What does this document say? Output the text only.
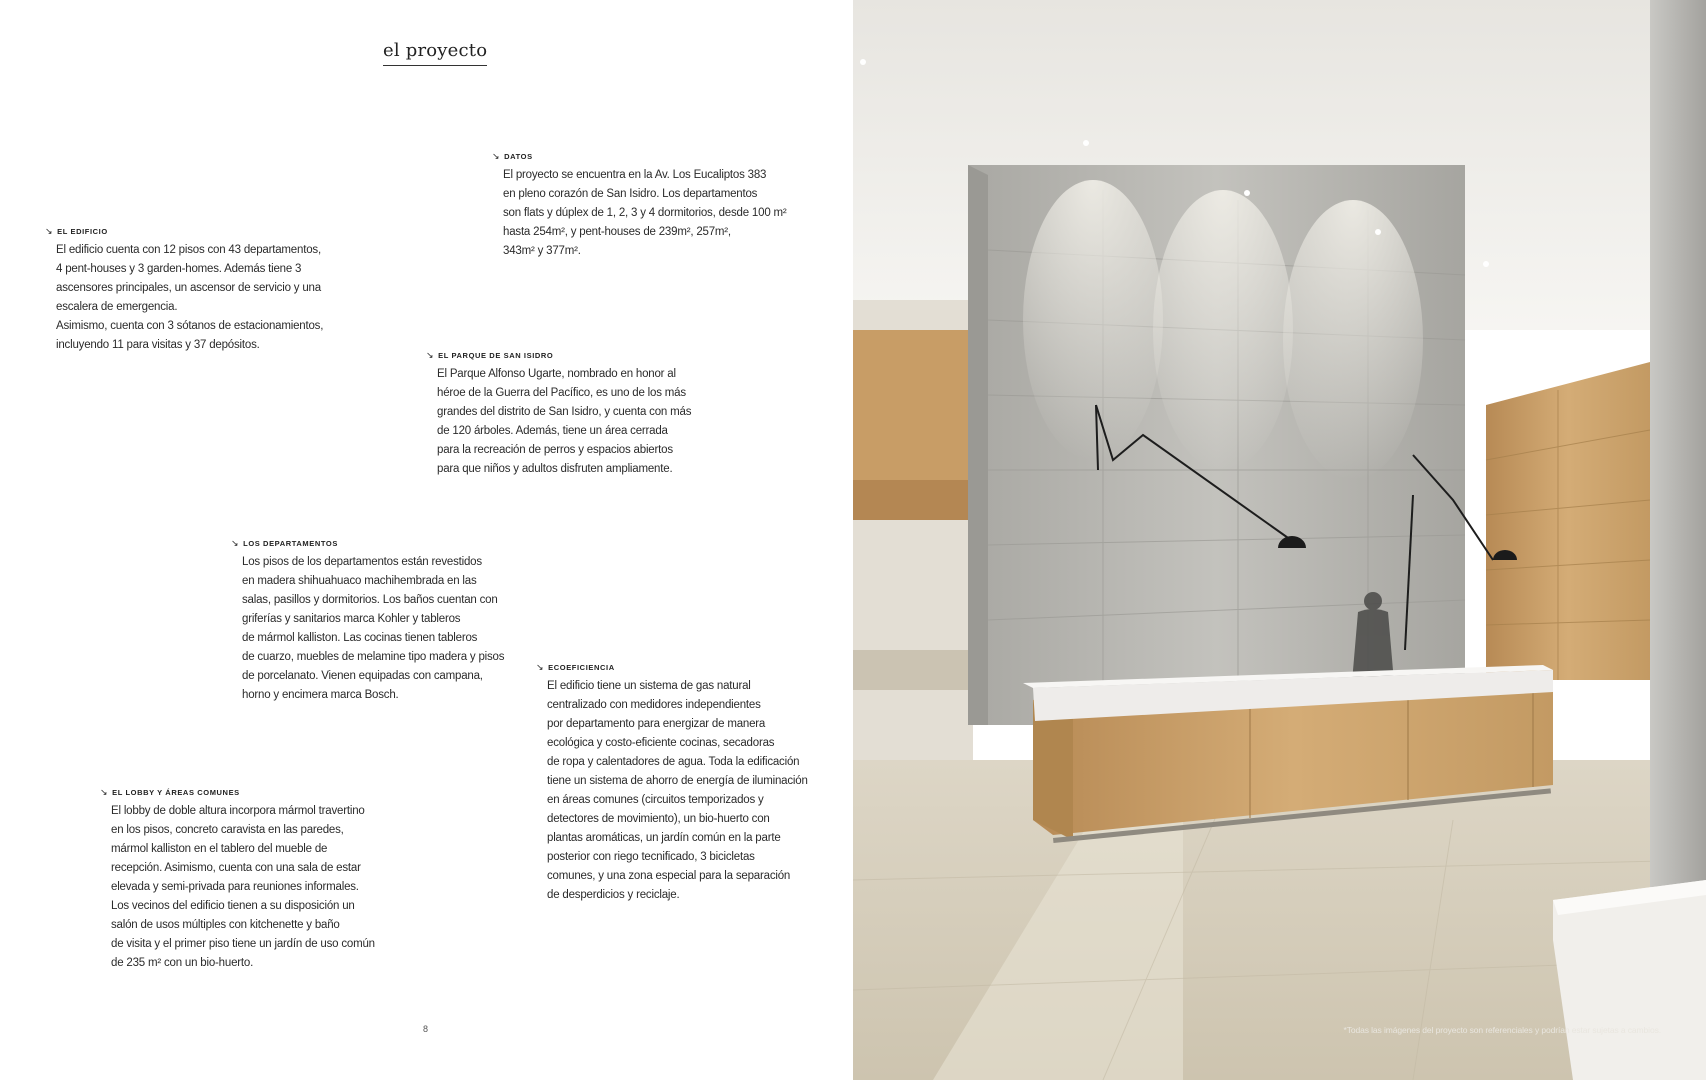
el proyecto
↘ DATOS
El proyecto se encuentra en la Av. Los Eucaliptos 383
en pleno corazón de San Isidro. Los departamentos
son flats y dúplex de 1, 2, 3 y 4 dormitorios, desde 100 m²
hasta 254m², y pent-houses de 239m², 257m²,
343m² y 377m².
↘ EL EDIFICIO
El edificio cuenta con 12 pisos con 43 departamentos,
4 pent-houses y 3 garden-homes. Además tiene 3
ascensores principales, un ascensor de servicio y una
escalera de emergencia.
Asimismo, cuenta con 3 sótanos de estacionamientos,
incluyendo 11 para visitas y 37 depósitos.
↘ EL PARQUE DE SAN ISIDRO
El Parque Alfonso Ugarte, nombrado en honor al
héroe de la Guerra del Pacífico, es uno de los más
grandes del distrito de San Isidro, y cuenta con más
de 120 árboles. Además, tiene un área cerrada
para la recreación de perros y espacios abiertos
para que niños y adultos disfruten ampliamente.
↘ LOS DEPARTAMENTOS
Los pisos de los departamentos están revestidos
en madera shihuahuaco machihembrada en las
salas, pasillos y dormitorios. Los baños cuentan con
griferías y sanitarios marca Kohler y tableros
de mármol kalliston. Las cocinas tienen tableros
de cuarzo, muebles de melamine tipo madera y pisos
de porcelanato. Vienen equipadas con campana,
horno y encimera marca Bosch.
↘ ECOEFICIENCIA
El edificio tiene un sistema de gas natural
centralizado con medidores independientes
por departamento para energizar de manera
ecológica y costo-eficiente cocinas, secadoras
de ropa y calentadores de agua. Toda la edificación
tiene un sistema de ahorro de energía de iluminación
en áreas comunes (circuitos temporizados y
detectores de movimiento), un bio-huerto con
plantas aromáticas, un jardín común en la parte
posterior con riego tecnificado, 3 bicicletas
comunes, y una zona especial para la separación
de desperdicios y reciclaje.
↘ EL LOBBY Y ÁREAS COMUNES
El lobby de doble altura incorpora mármol travertino
en los pisos, concreto caravista en las paredes,
mármol kalliston en el tablero del mueble de
recepción. Asimismo, cuenta con una sala de estar
elevada y semi-privada para reuniones informales.
Los vecinos del edificio tienen a su disposición un
salón de usos múltiples con kitchenette y baño
de visita y el primer piso tiene un jardín de uso común
de 235 m² con un bio-huerto.
8	*Todas las imágenes del proyecto son referenciales y podrían estar sujetas a cambios.
